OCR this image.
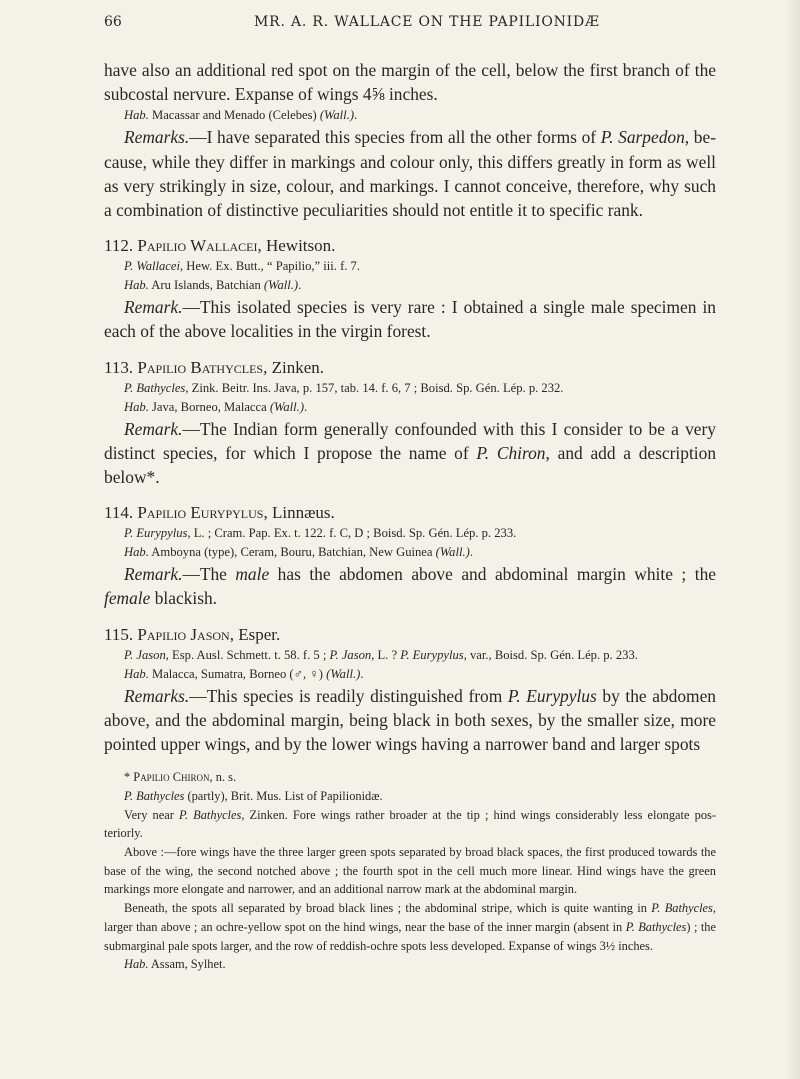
66	MR. A. R. WALLACE ON THE PAPILIONIDÆ

have also an additional red spot on the margin of the cell, below the first branch of the subcostal nervure. Expanse of wings 4⅝ inches.

Hab. Macassar and Menado (Celebes) (Wall.).

Remarks.—I have separated this species from all the other forms of P. Sarpedon, be-cause, while they differ in markings and colour only, this differs greatly in form as well as very strikingly in size, colour, and markings. I cannot conceive, therefore, why such a combination of distinctive peculiarities should not entitle it to specific rank.

112. Papilio Wallacei, Hewitson.

P. Wallacei, Hew. Ex. Butt., “ Papilio,” iii. f. 7.

Hab. Aru Islands, Batchian (Wall.).

Remark.—This isolated species is very rare : I obtained a single male specimen in each of the above localities in the virgin forest.

113. Papilio Bathycles, Zinken.

P. Bathycles, Zink. Beitr. Ins. Java, p. 157, tab. 14. f. 6, 7 ; Boisd. Sp. Gén. Lép. p. 232.

Hab. Java, Borneo, Malacca (Wall.).

Remark.—The Indian form generally confounded with this I consider to be a very distinct species, for which I propose the name of P. Chiron, and add a description below*.

114. Papilio Eurypylus, Linnæus.

P. Eurypylus, L. ; Cram. Pap. Ex. t. 122. f. C, D ; Boisd. Sp. Gén. Lép. p. 233.

Hab. Amboyna (type), Ceram, Bouru, Batchian, New Guinea (Wall.).

Remark.—The male has the abdomen above and abdominal margin white ; the female blackish.

115. Papilio Jason, Esper.

P. Jason, Esp. Ausl. Schmett. t. 58. f. 5 ; P. Jason, L. ? P. Eurypylus, var., Boisd. Sp. Gén. Lép. p. 233.

Hab. Malacca, Sumatra, Borneo (♂, ♀) (Wall.).

Remarks.—This species is readily distinguished from P. Eurypylus by the abdomen above, and the abdominal margin, being black in both sexes, by the smaller size, more pointed upper wings, and by the lower wings having a narrower band and larger spots

* Papilio Chiron, n. s.

P. Bathycles (partly), Brit. Mus. List of Papilionidæ.

Very near P. Bathycles, Zinken. Fore wings rather broader at the tip ; hind wings considerably less elongate pos-teriorly.

Above :—fore wings have the three larger green spots separated by broad black spaces, the first produced towards the base of the wing, the second notched above ; the fourth spot in the cell much more linear. Hind wings have the green markings more elongate and narrower, and an additional narrow mark at the abdominal margin.

Beneath, the spots all separated by broad black lines ; the abdominal stripe, which is quite wanting in P. Bathycles, larger than above ; an ochre-yellow spot on the hind wings, near the base of the inner margin (absent in P. Bathycles) ; the submarginal pale spots larger, and the row of reddish-ochre spots less developed. Expanse of wings 3½ inches.

Hab. Assam, Sylhet.
